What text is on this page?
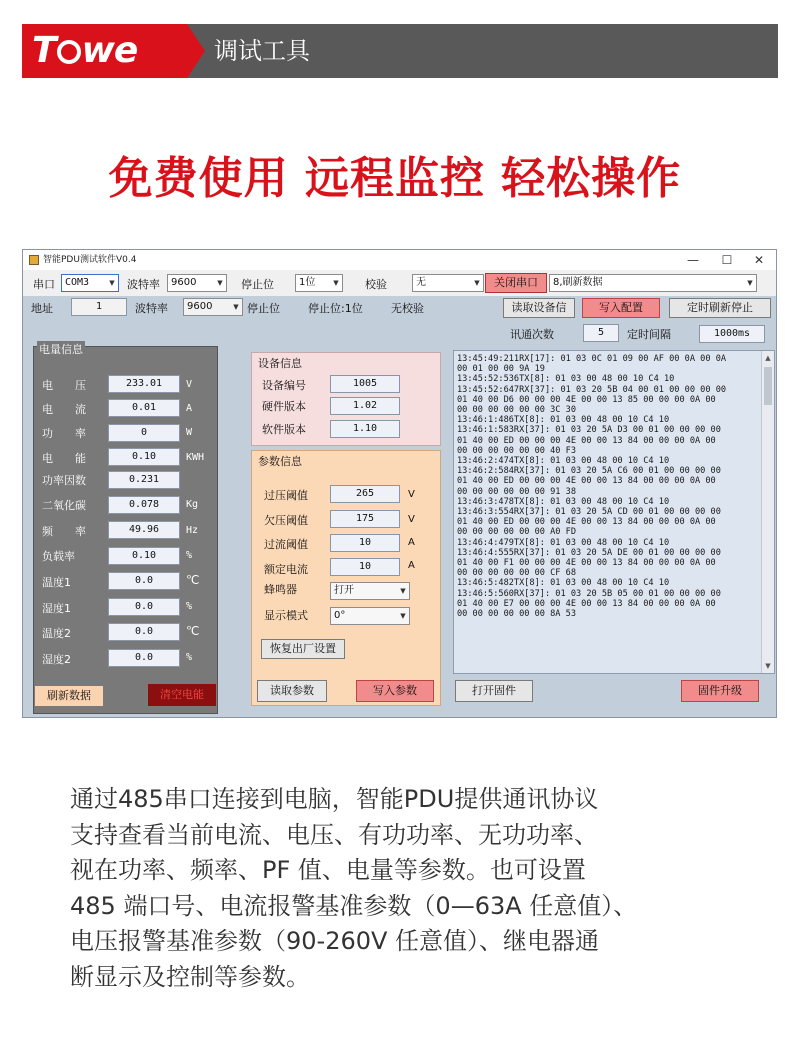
T we	调试工具
免费使用 远程监控 轻松操作
智能PDU测试软件V0.4	—	☐	✕
串口	COM3	▼	波特率	9600	▼	停止位	1位	▼	校验	无	▼	关闭串口	8,刷新数据	▼
地址	1	波特率	9600	▼ 停止位	停止位:1位	无校验	读取设备信	写入配置	定时刷新停止
讯通次数	5	定时间隔	1000ms
电量信息
电　　压	233.01	V
电　　流	0.01	A
功　　率	0	W
电　　能	0.10	KWH
功率因数	0.231
二氧化碳	0.078	Kg
频　　率	49.96	Hz
负载率	0.10	%
温度1	0.0	℃
湿度1	0.0	%
温度2	0.0	℃
湿度2	0.0	%
刷新数据	清空电能
设备信息
设备编号	1005
硬件版本	1.02
软件版本	1.10
参数信息
过压阈值	265	V
欠压阈值	175	V
过流阈值	10	A
额定电流	10	A
蜂鸣器	打开	▼
显示模式	0°	▼
恢复出厂设置
读取参数	写入参数
13:45:49:211RX[17]: 01 03 0C 01 09 00 AF 00 0A 00 0A
00 01 00 00 9A 19
13:45:52:536TX[8]: 01 03 00 48 00 10 C4 10
13:45:52:647RX[37]: 01 03 20 5B 04 00 01 00 00 00 00
01 40 00 D6 00 00 00 4E 00 00 13 85 00 00 00 0A 00
00 00 00 00 00 00 3C 30
13:46:1:486TX[8]: 01 03 00 48 00 10 C4 10
13:46:1:583RX[37]: 01 03 20 5A D3 00 01 00 00 00 00
01 40 00 ED 00 00 00 4E 00 00 13 84 00 00 00 0A 00
00 00 00 00 00 00 40 F3
13:46:2:474TX[8]: 01 03 00 48 00 10 C4 10
13:46:2:584RX[37]: 01 03 20 5A C6 00 01 00 00 00 00
01 40 00 ED 00 00 00 4E 00 00 13 84 00 00 00 0A 00
00 00 00 00 00 00 91 38
13:46:3:478TX[8]: 01 03 00 48 00 10 C4 10
13:46:3:554RX[37]: 01 03 20 5A CD 00 01 00 00 00 00
01 40 00 ED 00 00 00 4E 00 00 13 84 00 00 00 0A 00
00 00 00 00 00 00 A0 FD
13:46:4:479TX[8]: 01 03 00 48 00 10 C4 10
13:46:4:555RX[37]: 01 03 20 5A DE 00 01 00 00 00 00
01 40 00 F1 00 00 00 4E 00 00 13 84 00 00 00 0A 00
00 00 00 00 00 00 CF 68
13:46:5:482TX[8]: 01 03 00 48 00 10 C4 10
13:46:5:560RX[37]: 01 03 20 5B 05 00 01 00 00 00 00
01 40 00 E7 00 00 00 4E 00 00 13 84 00 00 00 0A 00
00 00 00 00 00 00 8A 53
▲
▼
打开固件	固件升级

通过485串口连接到电脑，智能PDU提供通讯协议

支持查看当前电流、电压、有功功率、无功功率、

视在功率、频率、PF 值、电量等参数。也可设置

485 端口号、电流报警基准参数（0—63A 任意值）、

电压报警基准参数（90-260V 任意值）、继电器通

断显示及控制等参数。
